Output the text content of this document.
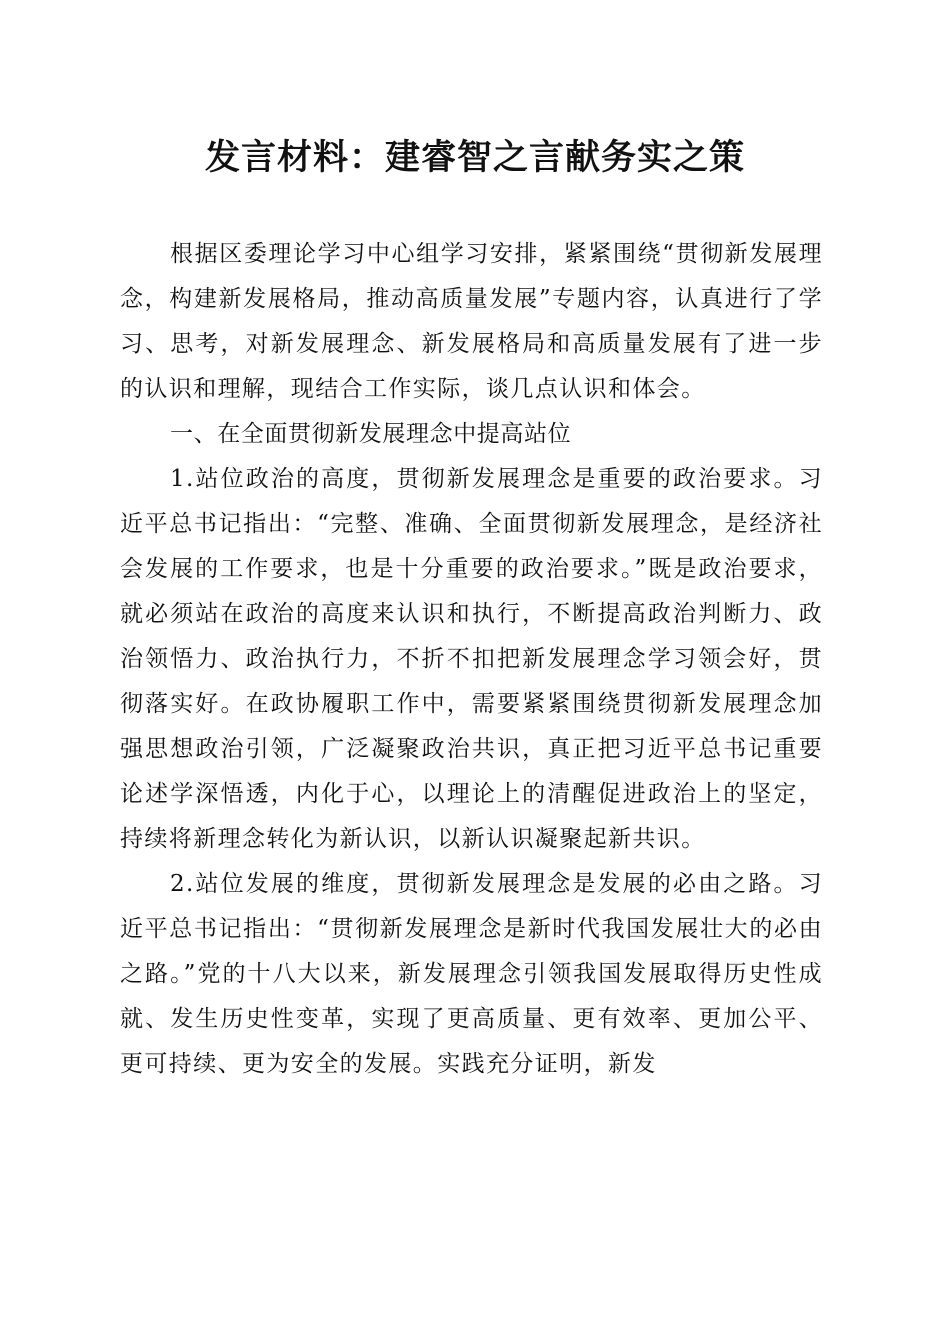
发言材料：建睿智之言献务实之策

根据区委理论学习中心组学习安排，紧紧围绕“贯彻新发展理念，构建新发展格局，推动高质量发展”专题内容，认真进行了学习、思考，对新发展理念、新发展格局和高质量发展有了进一步的认识和理解，现结合工作实际，谈几点认识和体会。

一、在全面贯彻新发展理念中提高站位

1.站位政治的高度，贯彻新发展理念是重要的政治要求。习近平总书记指出：“完整、准确、全面贯彻新发展理念，是经济社会发展的工作要求，也是十分重要的政治要求。”既是政治要求，就必须站在政治的高度来认识和执行，不断提高政治判断力、政治领悟力、政治执行力，不折不扣把新发展理念学习领会好，贯彻落实好。在政协履职工作中，需要紧紧围绕贯彻新发展理念加强思想政治引领，广泛凝聚政治共识，真正把习近平总书记重要论述学深悟透，内化于心，以理论上的清醒促进政治上的坚定，持续将新理念转化为新认识，以新认识凝聚起新共识。

2.站位发展的维度，贯彻新发展理念是发展的必由之路。习近平总书记指出：“贯彻新发展理念是新时代我国发展壮大的必由之路。”党的十八大以来，新发展理念引领我国发展取得历史性成就、发生历史性变革，实现了更高质量、更有效率、更加公平、更可持续、更为安全的发展。实践充分证明，新发
